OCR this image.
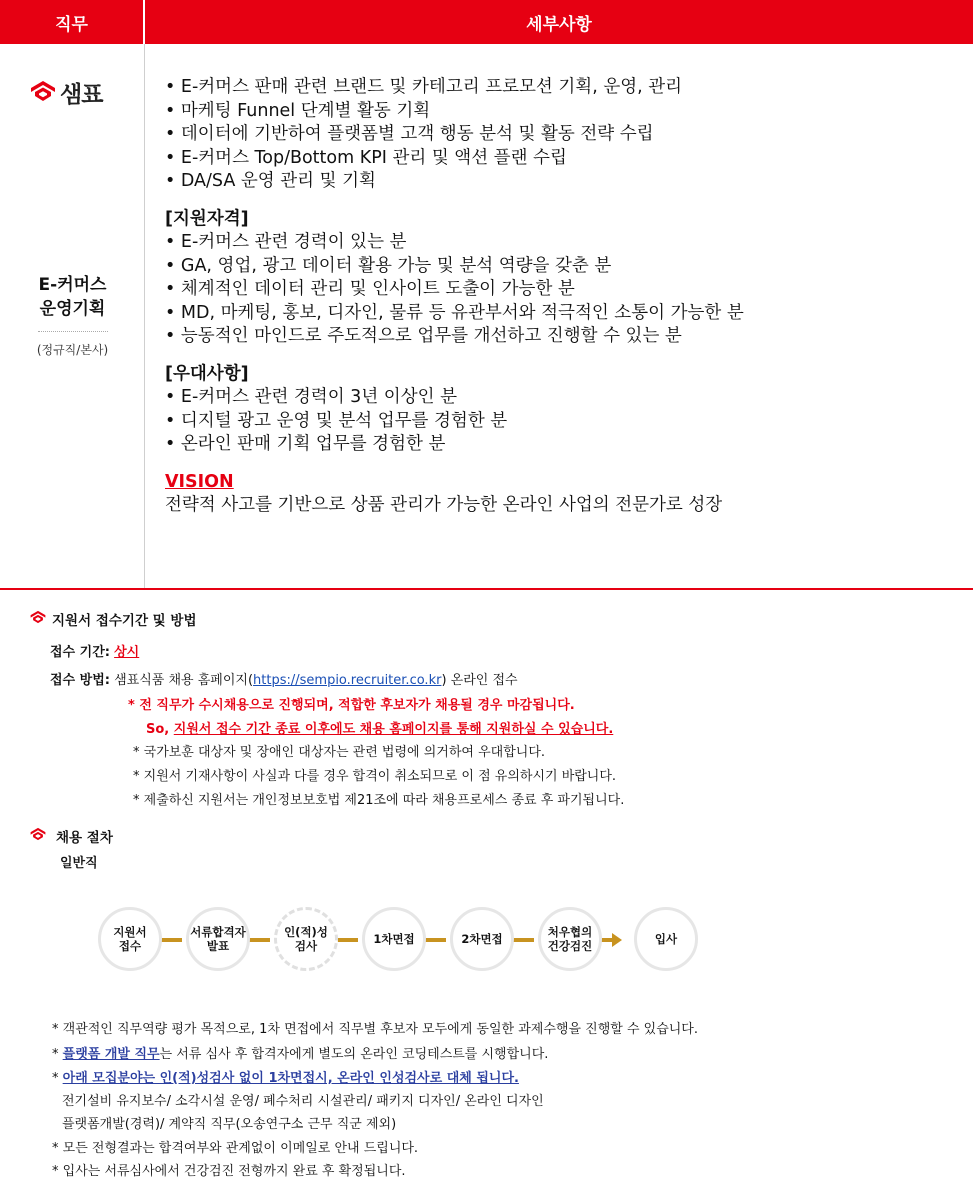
직무	세부사항
샘표
E-커머스
운영기획
(정규직/본사)
• E-커머스 판매 관련 브랜드 및 카테고리 프로모션 기획, 운영, 관리
• 마케팅 Funnel 단계별 활동 기획
• 데이터에 기반하여 플랫폼별 고객 행동 분석 및 활동 전략 수립
• E-커머스 Top/Bottom KPI 관리 및 액션 플랜 수립
• DA/SA 운영 관리 및 기획
[지원자격]
• E-커머스 관련 경력이 있는 분
• GA, 영업, 광고 데이터 활용 가능 및 분석 역량을 갖춘 분
• 체계적인 데이터 관리 및 인사이트 도출이 가능한 분
• MD, 마케팅, 홍보, 디자인, 물류 등 유관부서와 적극적인 소통이 가능한 분
• 능동적인 마인드로 주도적으로 업무를 개선하고 진행할 수 있는 분
[우대사항]
• E-커머스 관련 경력이 3년 이상인 분
• 디지털 광고 운영 및 분석 업무를 경험한 분
• 온라인 판매 기획 업무를 경험한 분
VISION
전략적 사고를 기반으로 상품 관리가 가능한 온라인 사업의 전문가로 성장
지원서 접수기간 및 방법
접수 기간: 상시
접수 방법: 샘표식품 채용 홈페이지(https://sempio.recruiter.co.kr) 온라인 접수
* 전 직무가 수시채용으로 진행되며, 적합한 후보자가 채용될 경우 마감됩니다.
So, 지원서 접수 기간 종료 이후에도 채용 홈페이지를 통해 지원하실 수 있습니다.
* 국가보훈 대상자 및 장애인 대상자는 관련 법령에 의거하여 우대합니다.
* 지원서 기재사항이 사실과 다를 경우 합격이 취소되므로 이 점 유의하시기 바랍니다.
* 제출하신 지원서는 개인정보보호법 제21조에 따라 채용프로세스 종료 후 파기됩니다.
채용 절차
일반직
지원서
접수
서류합격자
발표
인(적)성
검사	1차면접	2차면접	처우협의
건강검진	입사
* 객관적인 직무역량 평가 목적으로, 1차 면접에서 직무별 후보자 모두에게 동일한 과제수행을 진행할 수 있습니다.
* 플랫폼 개발 직무는 서류 심사 후 합격자에게 별도의 온라인 코딩테스트를 시행합니다.
* 아래 모집분야는 인(적)성검사 없이 1차면접시, 온라인 인성검사로 대체 됩니다.
전기설비 유지보수/ 소각시설 운영/ 폐수처리 시설관리/ 패키지 디자인/ 온라인 디자인
플랫폼개발(경력)/ 계약직 직무(오송연구소 근무 직군 제외)
* 모든 전형결과는 합격여부와 관계없이 이메일로 안내 드립니다.
* 입사는 서류심사에서 건강검진 전형까지 완료 후 확정됩니다.
